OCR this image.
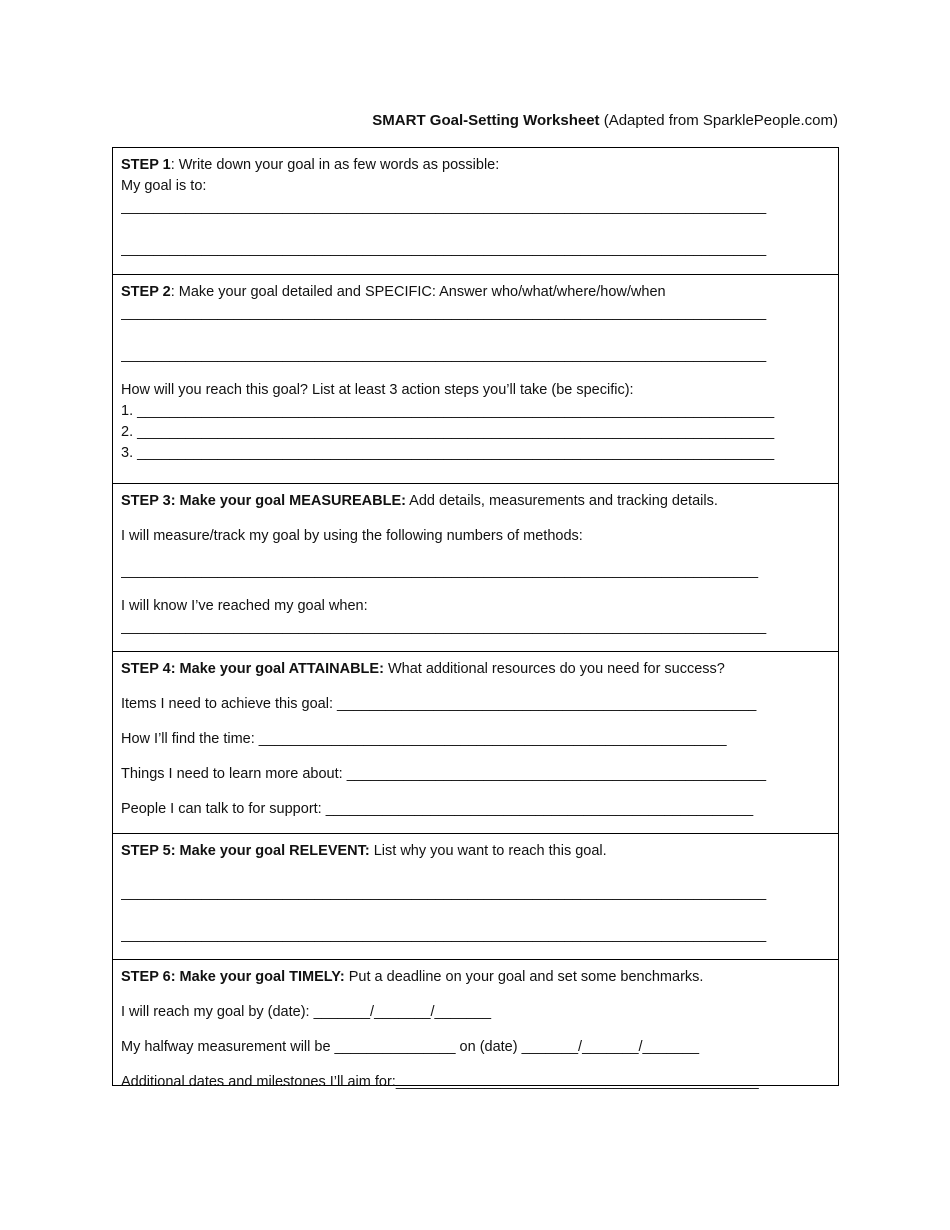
SMART Goal-Setting Worksheet (Adapted from SparklePeople.com)
STEP 1: Write down your goal in as few words as possible:
My goal is to:
________________________________________________________________________________
________________________________________________________________________________
STEP 2: Make your goal detailed and SPECIFIC: Answer who/what/where/how/when
________________________________________________________________________________
________________________________________________________________________________
How will you reach this goal? List at least 3 action steps you’ll take (be specific):
1. _______________________________________________________________________________
2. _______________________________________________________________________________
3. _______________________________________________________________________________
STEP 3: Make your goal MEASUREABLE: Add details, measurements and tracking details.
I will measure/track my goal by using the following numbers of methods:
_______________________________________________________________________________
I will know I’ve reached my goal when:
________________________________________________________________________________
STEP 4: Make your goal ATTAINABLE: What additional resources do you need for success?
Items I need to achieve this goal: ____________________________________________________
How I’ll find the time: __________________________________________________________
Things I need to learn more about: ____________________________________________________
People I can talk to for support: _____________________________________________________
STEP 5: Make your goal RELEVENT: List why you want to reach this goal.
________________________________________________________________________________
________________________________________________________________________________
STEP 6: Make your goal TIMELY: Put a deadline on your goal and set some benchmarks.
I will reach my goal by (date): _______/_______/_______
My halfway measurement will be _______________ on (date) _______/_______/_______
Additional dates and milestones I’ll aim for:_____________________________________________
